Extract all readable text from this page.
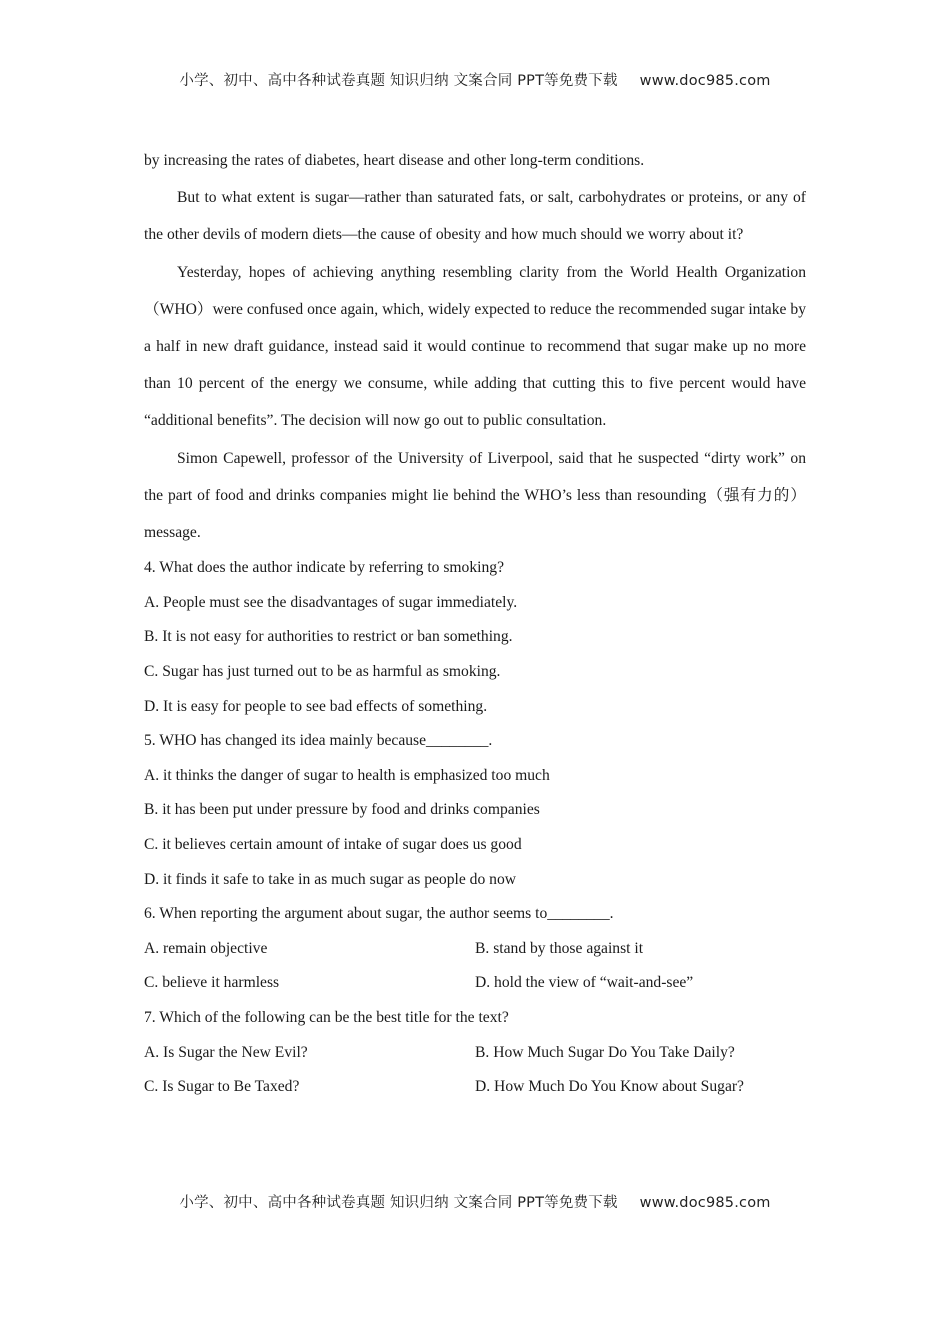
小学、初中、高中各种试卷真题 知识归纳 文案合同 PPT等免费下载 www.doc985.com

by increasing the rates of diabetes, heart disease and other long-term conditions.

But to what extent is sugar—rather than saturated fats, or salt, carbohydrates or proteins, or any of the other devils of modern diets—the cause of obesity and how much should we worry about it?

Yesterday, hopes of achieving anything resembling clarity from the World Health Organization（WHO）were confused once again, which, widely expected to reduce the recommended sugar intake by a half in new draft guidance, instead said it would continue to recommend that sugar make up no more than 10 percent of the energy we consume, while adding that cutting this to five percent would have “additional benefits”. The decision will now go out to public consultation.

Simon Capewell, professor of the University of Liverpool, said that he suspected “dirty work” on the part of food and drinks companies might lie behind the WHO’s less than resounding（强有力的）message.

4. What does the author indicate by referring to smoking?

A. People must see the disadvantages of sugar immediately.

B. It is not easy for authorities to restrict or ban something.

C. Sugar has just turned out to be as harmful as smoking.

D. It is easy for people to see bad effects of something.

5. WHO has changed its idea mainly because________.

A. it thinks the danger of sugar to health is emphasized too much

B. it has been put under pressure by food and drinks companies

C. it believes certain amount of intake of sugar does us good

D. it finds it safe to take in as much sugar as people do now

6. When reporting the argument about sugar, the author seems to________.

A. remain objective	B. stand by those against it
C. believe it harmless	D. hold the view of “wait-and-see”

7. Which of the following can be the best title for the text?

A. Is Sugar the New Evil?	B. How Much Sugar Do You Take Daily?
C. Is Sugar to Be Taxed?	D. How Much Do You Know about Sugar?
小学、初中、高中各种试卷真题 知识归纳 文案合同 PPT等免费下载 www.doc985.com
